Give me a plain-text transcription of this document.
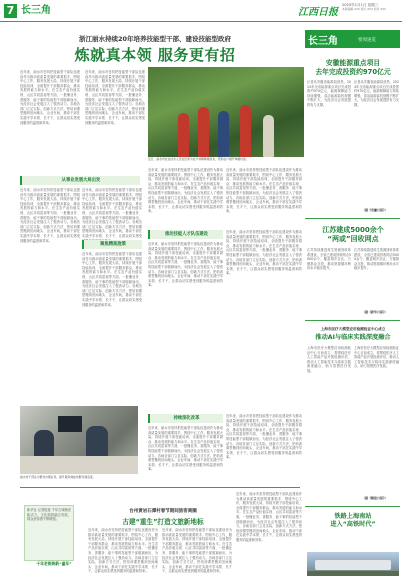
7 长三角	江西日报
2025年1月1日 星期三
本版编辑 XXX 版式 XXX 校对 XXX
浙江丽水持续20年培养技能型干部、建设技能型政府
炼就真本领 服务更有招
近年来，丽水市坚持把技能型干部队伍建设作为推动高质量发展的重要抓手，围绕中心工作，服务发展大局，持续开展干部技能培训，全面提升干部服务群众、推动发展的能力和水平。在生态产品价值实现、山区共同富裕等方面，一批懂业务、善服务、能干事的技能型干部脱颖而出，为经济社会发展注入了强劲动力。各地各部门立足实际，创新方式方法，把培训课堂搬到田间地头、企业车间，推动干部在实践中学本领、长才干，让群众切实感受到服务的温度和效率。
近年来，丽水市坚持把技能型干部队伍建设作为推动高质量发展的重要抓手，围绕中心工作，服务发展大局，持续开展干部技能培训，全面提升干部服务群众、推动发展的能力和水平。在生态产品价值实现、山区共同富裕等方面，一批懂业务、善服务、能干事的技能型干部脱颖而出，为经济社会发展注入了强劲动力。各地各部门立足实际，创新方式方法，把培训课堂搬到田间地头、企业车间，推动干部在实践中学本领、长才干，让群众切实感受到服务的温度和效率。
近日，丽水市农业技术人员在田间为农户讲解种植技术，帮助农户提升种植技能。
从事业发展大局出发
近年来，丽水市坚持把技能型干部队伍建设作为推动高质量发展的重要抓手，围绕中心工作，服务发展大局，持续开展干部技能培训，全面提升干部服务群众、推动发展的能力和水平。在生态产品价值实现、山区共同富裕等方面，一批懂业务、善服务、能干事的技能型干部脱颖而出，为经济社会发展注入了强劲动力。各地各部门立足实际，创新方式方法，把培训课堂搬到田间地头、企业车间，推动干部在实践中学本领、长才干，让群众切实感受到服务的温度和效率。
近年来，丽水市坚持把技能型干部队伍建设作为推动高质量发展的重要抓手，围绕中心工作，服务发展大局，持续开展干部技能培训，全面提升干部服务群众、推动发展的能力和水平。在生态产品价值实现、山区共同富裕等方面，一批懂业务、善服务、能干事的技能型干部脱颖而出，为经济社会发展注入了强劲动力。各地各部门立足实际，创新方式方法，把培训课堂搬到田间地头、企业车间，推动干部在实践中学本领、长才干，让群众切实感受
聚焦精准施策
近年来，丽水市坚持把技能型干部队伍建设作为推动高质量发展的重要抓手，围绕中心工作，服务发展大局，持续开展干部技能培训，全面提升干部服务群众、推动发展的能力和水平。在生态产品价值实现、山区共同富裕等方面，一批懂业务、善服务、能干事的技能型干部脱颖而出，为经济社会发展注入了强劲动力。各地各部门立足实际，创新方式方法，把培训课堂搬到田间地头、企业车间，推动干部在实践中学本领、长才干，让群众切实感受到服务的温度和效率。
近年来，丽水市坚持把技能型干部队伍建设作为推动高质量发展的重要抓手，围绕中心工作，服务发展大局，持续开展干部技能培训，全面提升干部服务群众、推动发展的能力和水平。在生态产品价值实现、山区共同富裕等方面，一批懂业务、善服务、能干事的技能型干部脱颖而出，为经济社会发展注入了强劲动力。各地各部门立足实际，创新方式方法，把培训课堂搬到田间地头、企业车间，推动干部在实践中学本领、长才干，让群众切实感受到服务的温度和效率。
近年来，丽水市坚持把技能型干部队伍建设作为推动高质量发展的重要抓手，围绕中心工作，服务发展大局，持续开展干部技能培训，全面提升干部服务群众、推动发展的能力和水平。在生态产品价值实现、山区共同富裕等方面，一批懂业务、善服务、能干事的技能型干部脱颖而出，为经济社会发展注入了强劲动力。各地各部门立足实际，创新方式方法，把培训课堂搬到田间地头、企业车间，推动干部在实践中学本领、长才干，让群众切实感受到服务的温度和效率。
推动技能人才队伍建设
近年来，丽水市坚持把技能型干部队伍建设作为推动高质量发展的重要抓手，围绕中心工作，服务发展大局，持续开展干部技能培训，全面提升干部服务群众、推动发展的能力和水平。在生态产品价值实现、山区共同富裕等方面，一批懂业务、善服务、能干事的技能型干部脱颖而出，为经济社会发展注入了强劲动力。各地各部门立足实际，创新方式方法，把培训课堂搬到田间地头、企业车间，推动干部在实践中学本领、长才干，让群众切实感受到服务的温度和效率。
近年来，丽水市坚持把技能型干部队伍建设作为推动高质量发展的重要抓手，围绕中心工作，服务发展大局，持续开展干部技能培训，全面提升干部服务群众、推动发展的能力和水平。在生态产品价值实现、山区共同富裕等方面，一批懂业务、善服务、能干事的技能型干部脱颖而出，为经济社会发展注入了强劲动力。各地各部门立足实际，创新方式方法，把培训课堂搬到田间地头、企业车间，推动干部在实践中学本领、长才干，让群众切实感受到服务的温度和效率。
持续深化改革
近年来，丽水市坚持把技能型干部队伍建设作为推动高质量发展的重要抓手，围绕中心工作，服务发展大局，持续开展干部技能培训，全面提升干部服务群众、推动发展的能力和水平。在生态产品价值实现、山区共同富裕等方面，一批懂业务、善服务、能干事的技能型干部脱颖而出，为经济社会发展注入了强劲动力。各地各部门立足实际，创新方式方法，把培训课堂搬到田间地头、企业车间，推动干部在实践中学本领、长才干，让群众切实感受到服务的温度和效率。
近年来，丽水市坚持把技能型干部队伍建设作为推动高质量发展的重要抓手，围绕中心工作，服务发展大局，持续开展干部技能培训，全面提升干部服务群众、推动发展的能力和水平。在生态产品价值实现、山区共同富裕等方面，一批懂业务、善服务、能干事的技能型干部脱颖而出，为经济社会发展注入了强劲动力。各地各部门立足实际，创新方式方法，把培训课堂搬到田间地头、企业车间，推动干部在实践中学本领、长才干，让群众切实感受到服务的温度和效率。
丽水市干部在为群众办理业务，提升服务效能和群众满意度。
新华社 记者报道 千年古城焕发新活力，文化旅游融合发展，群众获得感不断增强。
千年老街焕新“童年”
台州黄岩石潭村春节期间旅客商圈
古建“重生”打造文旅新地标
近年来，丽水市坚持把技能型干部队伍建设作为推动高质量发展的重要抓手，围绕中心工作，服务发展大局，持续开展干部技能培训，全面提升干部服务群众、推动发展的能力和水平。在生态产品价值实现、山区共同富裕等方面，一批懂业务、善服务、能干事的技能型干部脱颖而出，为经济社会发展注入了强劲动力。各地各部门立足实际，创新方式方法，把培训课堂搬到田间地头、企业车间，推动干部在实践中学本领、长才干，让群众切实感受到服务的温度和效率。
近年来，丽水市坚持把技能型干部队伍建设作为推动高质量发展的重要抓手，围绕中心工作，服务发展大局，持续开展干部技能培训，全面提升干部服务群众、推动发展的能力和水平。在生态产品价值实现、山区共同富裕等方面，一批懂业务、善服务、能干事的技能型干部脱颖而出，为经济社会发展注入了强劲动力。各地各部门立足实际，创新方式方法，把培训课堂搬到田间地头、企业车间，推动干部在实践中学本领、长才干，让群众切实感受到服务的温度和效率。
近年来，丽水市坚持把技能型干部队伍建设作为推动高质量发展的重要抓手，围绕中心工作，服务发展大局，持续开展干部技能培训，全面提升干部服务群众、推动发展的能力和水平。在生态产品价值实现、山区共同富裕等方面，一批懂业务、善服务、能干事的技能型干部脱颖而出，为经济社会发展注入了强劲动力。各地各部门立足实际，创新方式方法，把培训课堂搬到田间地头、企业车间，推动干部在实践中学本领、长才干，让群众切实感受到服务的温度和效率。
长三角	要闻速览
安徽能源重点项目
去年完成投资约970亿元
记者从安徽省能源局获悉，2024年全省能源重点项目完成投资约970亿元，能源保障能力持续增强，清洁能源装机规模不断扩大，为经济社会发展提供有力支撑。
记者从安徽省能源局获悉，2024年全省能源重点项目完成投资约970亿元，能源保障能力持续增强，清洁能源装机规模不断扩大，为经济社会发展提供有力支撑。
（据《安徽日报》）
江苏建成5000余个
“两或”回收网点
江苏持续推进再生资源回收体系建设，全省已建成回收网点5000余个，覆盖城乡社区，方便群众交投，推动资源循环利用水平稳步提升。
江苏持续推进再生资源回收体系建设，全省已建成回收网点5000余个，覆盖城乡社区，方便群众交投，推动资源循环利用水平稳步提升。
（据《新华日报》）
上海市医疗大模型应用检测验证中心成立
推动AI与临床实践深度融合
上海市医疗大模型应用检测验证中心日前成立，将围绕医疗人工智能产品开展检测评估，推动人工智能技术与临床实践深度融合，助力智慧医疗发展。
上海市医疗大模型应用检测验证中心日前成立，将围绕医疗人工智能产品开展检测评估，推动人工智能技术与临床实践深度融合，助力智慧医疗发展。
（据《解放日报》）
铁路上海南站
进入“高铁时代”
